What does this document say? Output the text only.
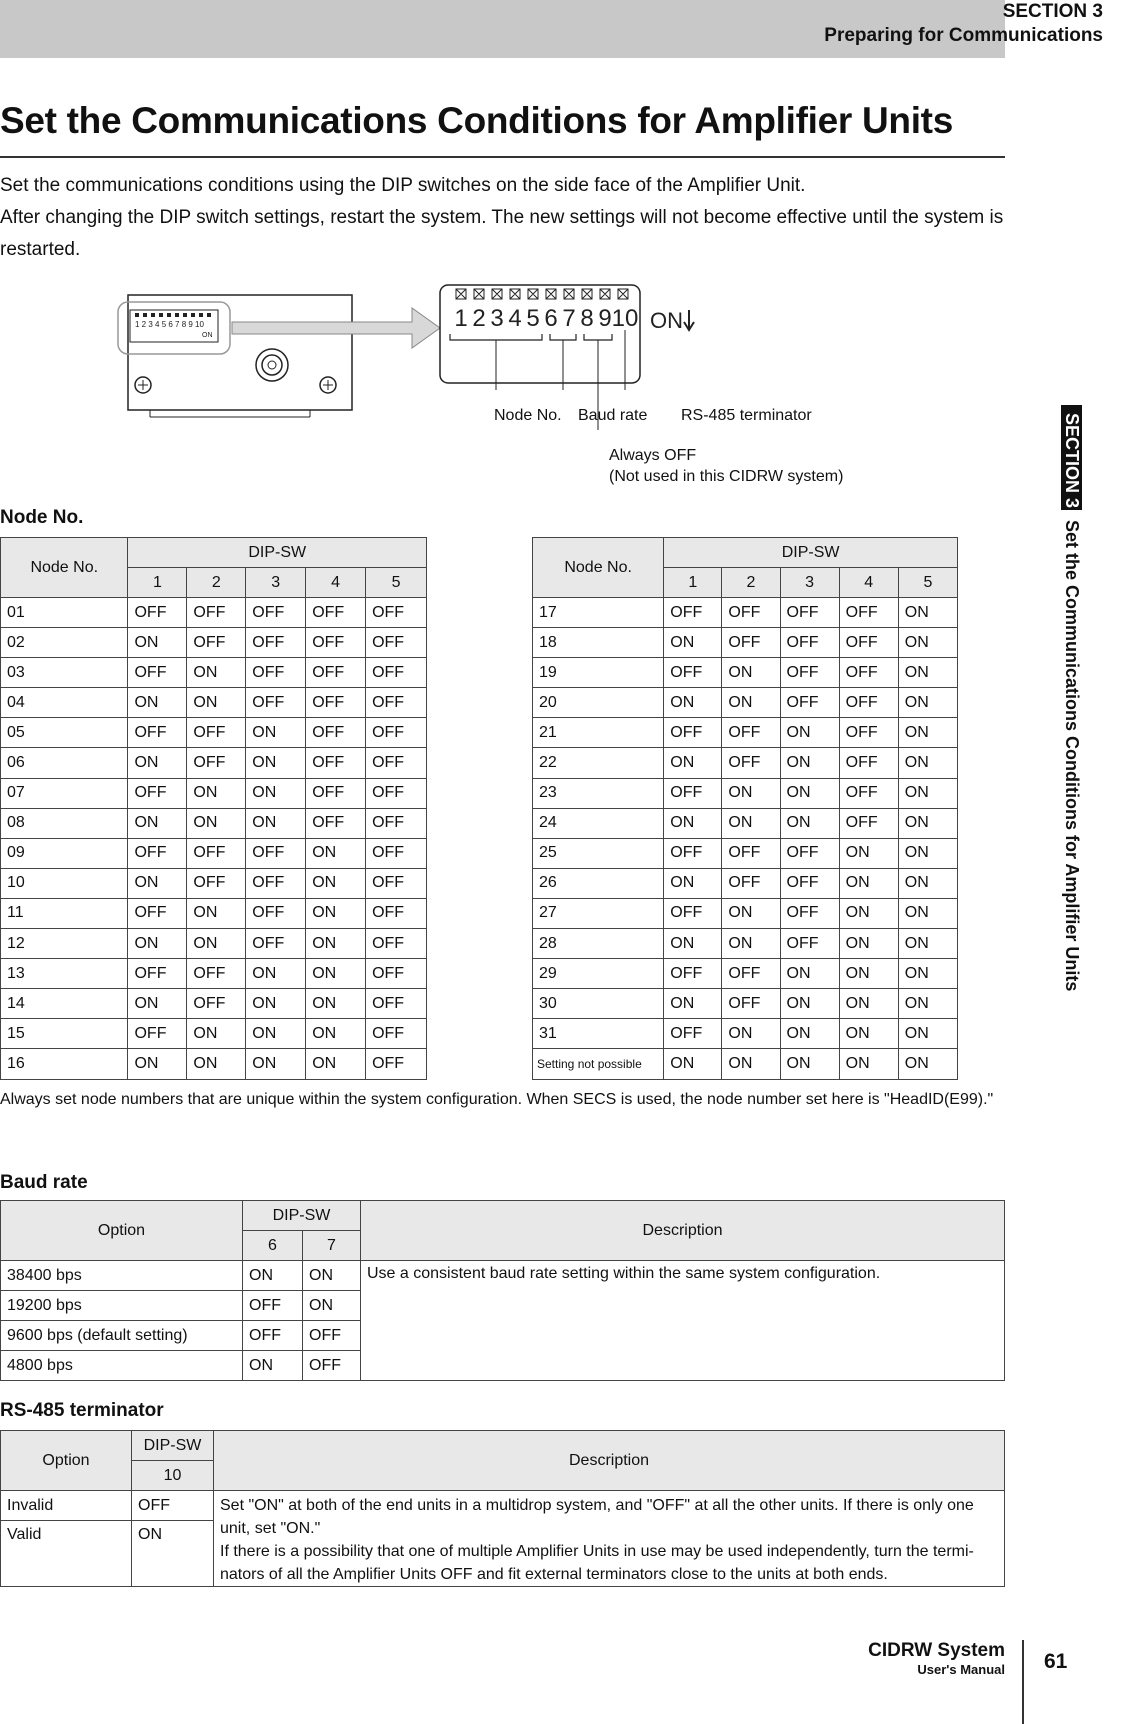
SECTION 3
Preparing for Communications
Set the Communications Conditions for Amplifier Units

Set the communications conditions using the DIP switches on the side face of the Amplifier Unit.

After changing the DIP switch settings, restart the system. The new settings will not become effective until the system is restarted.

SECTION 3Set the Communications Conditions for Amplifier Units
1 2 3 4 5 6 7 8 9 10
ON
1 2 3 4 5 6 7 8 9 10 ON
Node No. Baud rate RS-485 terminator
Always OFF
(Not used in this CIDRW system)
Node No.
Node No.	DIP-SW				
	1	2	3	4	5
01	OFF	OFF	OFF	OFF	OFF
02	ON	OFF	OFF	OFF	OFF
03	OFF	ON	OFF	OFF	OFF
04	ON	ON	OFF	OFF	OFF
05	OFF	OFF	ON	OFF	OFF
06	ON	OFF	ON	OFF	OFF
07	OFF	ON	ON	OFF	OFF
08	ON	ON	ON	OFF	OFF
09	OFF	OFF	OFF	ON	OFF
10	ON	OFF	OFF	ON	OFF
11	OFF	ON	OFF	ON	OFF
12	ON	ON	OFF	ON	OFF
13	OFF	OFF	ON	ON	OFF
14	ON	OFF	ON	ON	OFF
15	OFF	ON	ON	ON	OFF
16	ON	ON	ON	ON	OFF
Node No.	DIP-SW				
	1	2	3	4	5
17	OFF	OFF	OFF	OFF	ON
18	ON	OFF	OFF	OFF	ON
19	OFF	ON	OFF	OFF	ON
20	ON	ON	OFF	OFF	ON
21	OFF	OFF	ON	OFF	ON
22	ON	OFF	ON	OFF	ON
23	OFF	ON	ON	OFF	ON
24	ON	ON	ON	OFF	ON
25	OFF	OFF	OFF	ON	ON
26	ON	OFF	OFF	ON	ON
27	OFF	ON	OFF	ON	ON
28	ON	ON	OFF	ON	ON
29	OFF	OFF	ON	ON	ON
30	ON	OFF	ON	ON	ON
31	OFF	ON	ON	ON	ON
Setting not possible	ON	ON	ON	ON	ON
Always set node numbers that are unique within the system configuration. When SECS is used, the node number set here is "HeadID(E99)."
Baud rate
Option	DIP-SW		Description
	6	7	
38400 bps	ON	ON	Use a consistent baud rate setting within the same system configuration.
19200 bps	OFF	ON	
9600 bps (default setting)	OFF	OFF	
4800 bps	ON	OFF	
RS-485 terminator
Option	DIP-SW	Description
	10	
Invalid	OFF	Set "ON" at both of the end units in a multidrop system, and "OFF" at all the other units. If there is only one unit, set "ON."
If there is a possibility that one of multiple Amplifier Units in use may be used independently, turn the termi-nators of all the Amplifier Units OFF and fit external terminators close to the units at both ends.

Valid	ON	
CIDRW System
User's Manual 61
